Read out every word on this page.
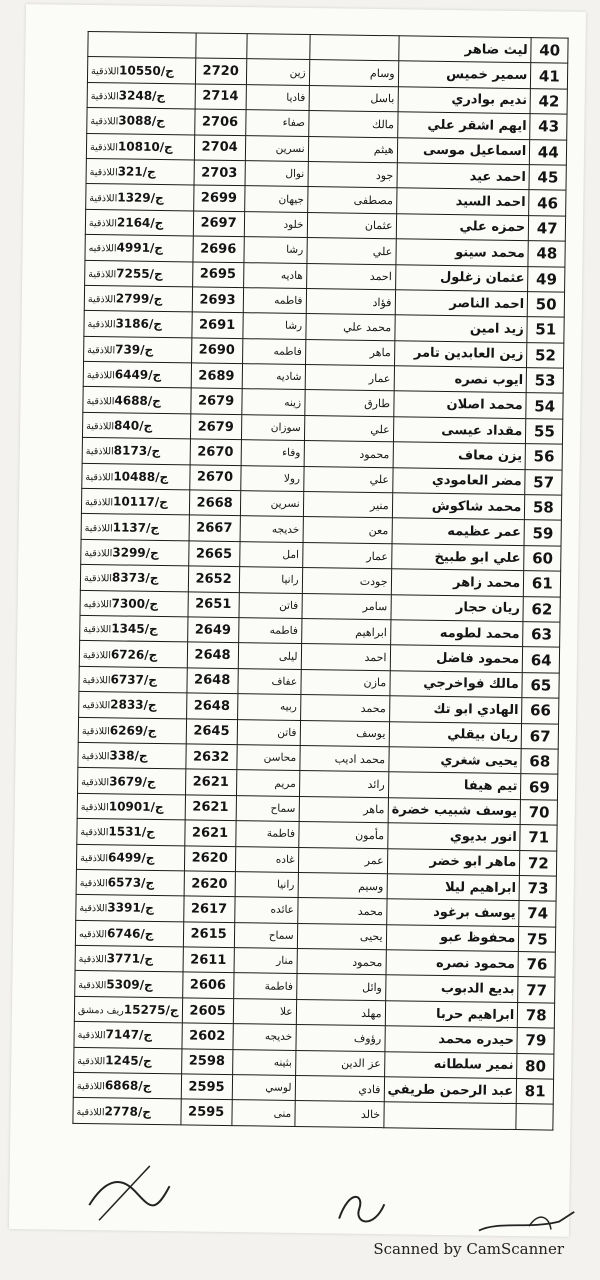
40	ليث ضاهر				
41	سمير خميس	وسام	زين	2720	ج/10550اللاذقية
42	نديم بوادري	باسل	فاديا	2714	ج/3248اللاذقية
43	ايهم اشقر علي	مالك	صفاء	2706	ج/3088اللاذقية
44	اسماعيل موسى	هيثم	نسرين	2704	ج/10810اللاذقية
45	احمد عيد	جود	نوال	2703	ج/321اللاذقية
46	احمد السيد	مصطفى	جيهان	2699	ج/1329اللاذقية
47	حمزه علي	عثمان	خلود	2697	ج/2164اللاذقية
48	محمد سينو	علي	رشا	2696	ج/4991اللاذقيه
49	عثمان زغلول	احمد	هاديه	2695	ج/7255اللاذقية
50	احمد الناصر	فؤاد	فاطمه	2693	ج/2799اللاذقية
51	زيد امين	محمد علي	رشا	2691	ج/3186اللاذقية
52	زين العابدين تامر	ماهر	فاطمه	2690	ج/739اللاذقية
53	ايوب نصره	عمار	شاديه	2689	ج/6449اللاذقية
54	محمد اصلان	طارق	زينه	2679	ج/4688اللاذقية
55	مقداد عيسى	علي	سوزان	2679	ج/840اللاذقية
56	يزن معاف	محمود	وفاء	2670	ج/8173اللاذقية
57	مضر العامودي	علي	رولا	2670	ج/10488اللاذقية
58	محمد شاكوش	منير	نسرين	2668	ج/10117اللاذقية
59	عمر عظيمه	معن	خديجه	2667	ج/1137اللاذقية
60	علي ابو طبيخ	عمار	امل	2665	ج/3299اللاذقية
61	محمد زاهر	جودت	رانيا	2652	ج/8373اللاذقية
62	ريان حجار	سامر	فاتن	2651	ج/7300اللاذقيه
63	محمد لطومه	ابراهيم	فاطمه	2649	ج/1345اللاذقية
64	محمود فاضل	احمد	ليلى	2648	ج/6726اللاذقية
65	مالك فواخرجي	مازن	عفاف	2648	ج/6737اللاذقية
66	الهادي ابو تك	محمد	ربيه	2648	ج/2833اللاذقيه
67	ريان بيقلي	يوسف	فاتن	2645	ج/6269اللاذقية
68	يحيى شغري	محمد اديب	محاسن	2632	ج/338اللاذقية
69	تيم هيفا	رائد	مريم	2621	ج/3679اللاذقية
70	يوسف شبيب خضرة	ماهر	سماح	2621	ج/10901اللاذقية
71	انور بديوي	مأمون	فاطمة	2621	ج/1531اللاذقية
72	ماهر ابو خضر	عمر	غاده	2620	ج/6499اللاذقية
73	ابراهيم ليلا	وسيم	رانيا	2620	ج/6573اللاذقية
74	يوسف برغود	محمد	عائده	2617	ج/3391اللاذقية
75	محفوظ عبو	يحيى	سماح	2615	ج/6746اللاذقيه
76	محمود نصره	محمود	منار	2611	ج/3771اللاذقية
77	بديع الدبوب	وائل	فاطمة	2606	ج/5309اللاذقية
78	ابراهيم حربا	مهلد	علا	2605	ج/15275ريف دمشق
79	حيدره محمد	رؤوف	خديجه	2602	ج/7147اللاذقية
80	نمير سلطانه	عز الدين	بثينه	2598	ج/1245اللاذقية
81	عبد الرحمن طريفي	فادي	لوسي	2595	ج/6868اللاذقية
		خالد	منى	2595	ج/2778اللاذقية
Scanned by CamScanner
